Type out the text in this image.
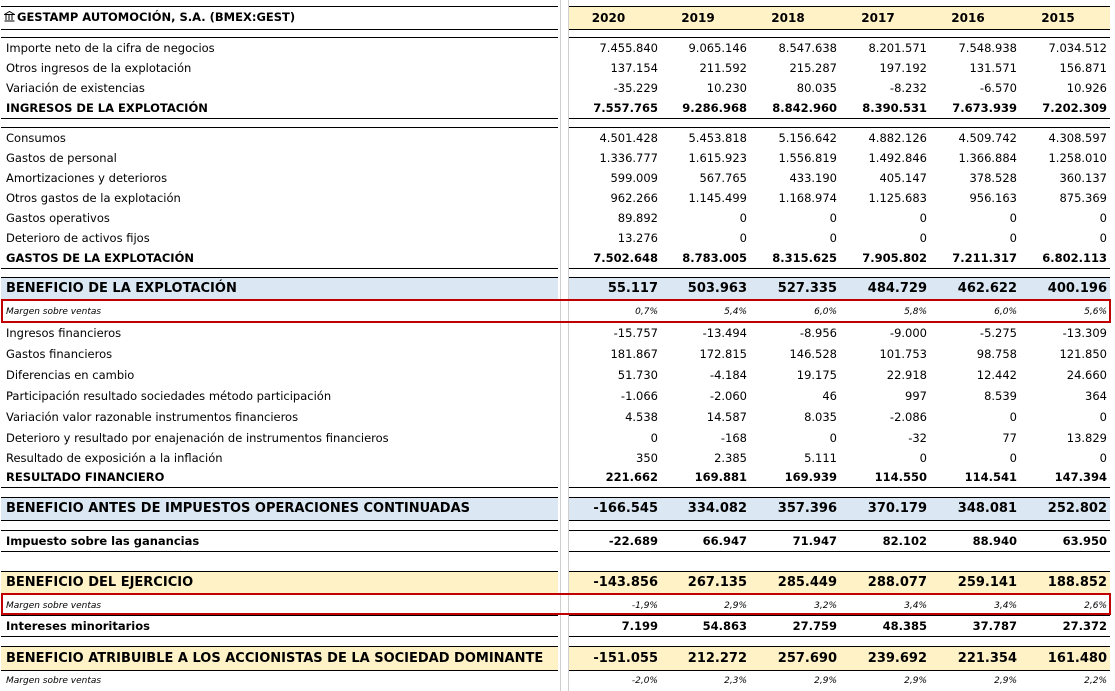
GESTAMP AUTOMOCIÓN, S.A. (BMEX:GEST)	2020	2019	2018	2017	2016	2015
Importe neto de la cifra de negocios	7.455.840	9.065.146	8.547.638	8.201.571	7.548.938	7.034.512
Otros ingresos de la explotación	137.154	211.592	215.287	197.192	131.571	156.871
Variación de existencias	-35.229	10.230	80.035	-8.232	-6.570	10.926
INGRESOS DE LA EXPLOTACIÓN	7.557.765	9.286.968	8.842.960	8.390.531	7.673.939	7.202.309
Consumos	4.501.428	5.453.818	5.156.642	4.882.126	4.509.742	4.308.597
Gastos de personal	1.336.777	1.615.923	1.556.819	1.492.846	1.366.884	1.258.010
Amortizaciones y deterioros	599.009	567.765	433.190	405.147	378.528	360.137
Otros gastos de la explotación	962.266	1.145.499	1.168.974	1.125.683	956.163	875.369
Gastos operativos	89.892	0	0	0	0	0
Deterioro de activos fijos	13.276	0	0	0	0	0
GASTOS DE LA EXPLOTACIÓN	7.502.648	8.783.005	8.315.625	7.905.802	7.211.317	6.802.113
BENEFICIO DE LA EXPLOTACIÓN	55.117	503.963	527.335	484.729	462.622	400.196
Margen sobre ventas	0,7%	5,4%	6,0%	5,8%	6,0%	5,6%
Ingresos financieros	-15.757	-13.494	-8.956	-9.000	-5.275	-13.309
Gastos financieros	181.867	172.815	146.528	101.753	98.758	121.850
Diferencias en cambio	51.730	-4.184	19.175	22.918	12.442	24.660
Participación resultado sociedades método participación	-1.066	-2.060	46	997	8.539	364
Variación valor razonable instrumentos financieros	4.538	14.587	8.035	-2.086	0	0
Deterioro y resultado por enajenación de instrumentos financieros	0	-168	0	-32	77	13.829
Resultado de exposición a la inflación	350	2.385	5.111	0	0	0
RESULTADO FINANCIERO	221.662	169.881	169.939	114.550	114.541	147.394
BENEFICIO ANTES DE IMPUESTOS OPERACIONES CONTINUADAS	-166.545	334.082	357.396	370.179	348.081	252.802
Impuesto sobre las ganancias	-22.689	66.947	71.947	82.102	88.940	63.950
BENEFICIO DEL EJERCICIO	-143.856	267.135	285.449	288.077	259.141	188.852
Margen sobre ventas	-1,9%	2,9%	3,2%	3,4%	3,4%	2,6%
Intereses minoritarios	7.199	54.863	27.759	48.385	37.787	27.372
BENEFICIO ATRIBUIBLE A LOS ACCIONISTAS DE LA SOCIEDAD DOMINANTE	-151.055	212.272	257.690	239.692	221.354	161.480
Margen sobre ventas	-2,0%	2,3%	2,9%	2,9%	2,9%	2,2%
